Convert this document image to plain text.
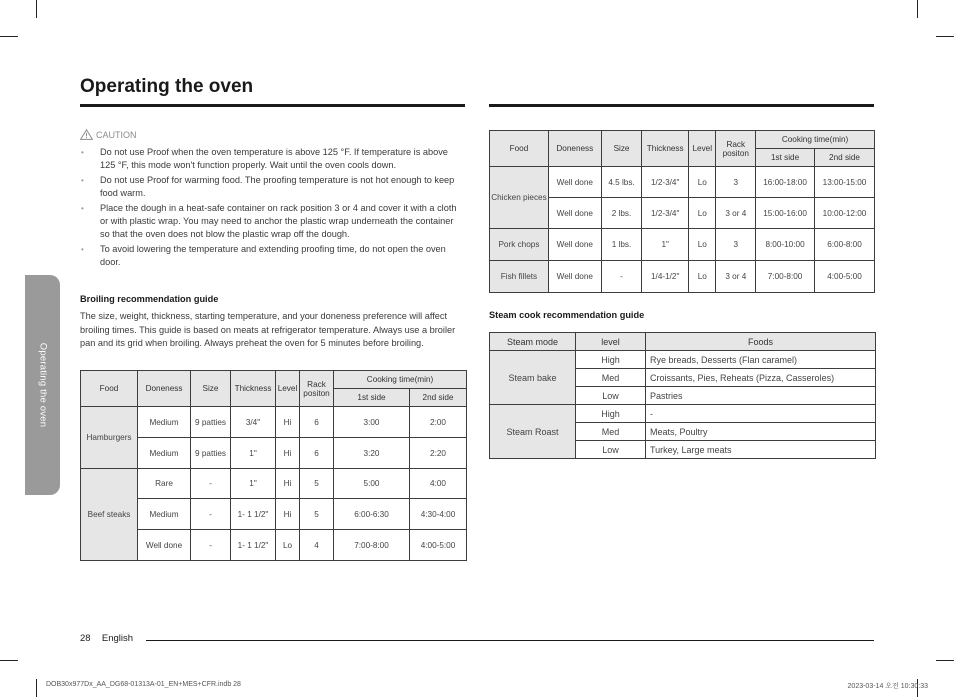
Operating the oven
Operating the oven
CAUTION
• Do not use Proof when the oven temperature is above 125 °F. If temperature is above 125 °F, this mode won't function properly. Wait until the oven cools down.
• Do not use Proof for warming food. The proofing temperature is not hot enough to keep food warm.
• Place the dough in a heat-safe container on rack position 3 or 4 and cover it with a cloth or with plastic wrap. You may need to anchor the plastic wrap underneath the container so that the oven does not blow the plastic wrap off the dough.
• To avoid lowering the temperature and extending proofing time, do not open the oven door.
Broiling recommendation guide
The size, weight, thickness, starting temperature, and your doneness preference will affect broiling times. This guide is based on meats at refrigerator temperature. Always use a broiler pan and its grid when broiling. Always preheat the oven for 5 minutes before broiling.
Food	Doneness	Size	Thickness	Level	Rack positon	Cooking time(min)	
						1st side	2nd side
Hamburgers	Medium	9 patties	3/4"	Hi	6	3:00	2:00
	Medium	9 patties	1"	Hi	6	3:20	2:20
Beef steaks	Rare	-	1"	Hi	5	5:00	4:00
	Medium	-	1- 1 1/2"	Hi	5	6:00-6:30	4:30-4:00
	Well done	-	1- 1 1/2"	Lo	4	7:00-8:00	4:00-5:00
Food	Doneness	Size	Thickness	Level	Rack positon	Cooking time(min)	
						1st side	2nd side
Chicken pieces	Well done	4.5 lbs.	1/2-3/4"	Lo	3	16:00-18:00	13:00-15:00
	Well done	2 lbs.	1/2-3/4"	Lo	3 or 4	15:00-16:00	10:00-12:00
Pork chops	Well done	1 lbs.	1"	Lo	3	8:00-10:00	6:00-8:00
Fish fillets	Well done	-	1/4-1/2"	Lo	3 or 4	7:00-8:00	4:00-5:00
Steam cook recommendation guide
Steam mode	level	Foods
Steam bake	High	Rye breads, Desserts (Flan caramel)
	Med	Croissants, Pies, Reheats (Pizza, Casseroles)
	Low	Pastries
Steam Roast	High	-
	Med	Meats, Poultry
	Low	Turkey, Large meats
28 English
DOB30x977Dx_AA_DG68-01313A-01_EN+MES+CFR.indb 28	2023-03-14 오전 10:30:33
